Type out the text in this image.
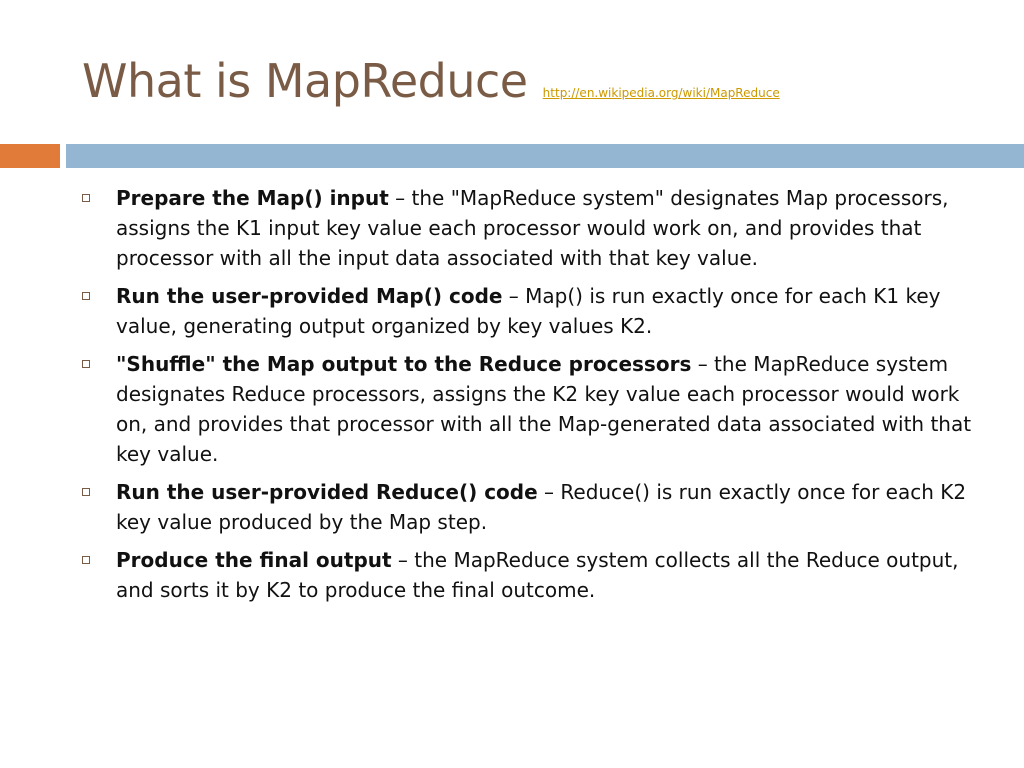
What is MapReduce http://en.wikipedia.org/wiki/MapReduce
Prepare the Map() input – the "MapReduce system" designates Map processors, assigns the K1 input key value each processor would work on, and provides that processor with all the input data associated with that key value.
Run the user-provided Map() code – Map() is run exactly once for each K1 key value, generating output organized by key values K2.
"Shuffle" the Map output to the Reduce processors – the MapReduce system designates Reduce processors, assigns the K2 key value each processor would work on, and provides that processor with all the Map-generated data associated with that key value.
Run the user-provided Reduce() code – Reduce() is run exactly once for each K2 key value produced by the Map step.
Produce the final output – the MapReduce system collects all the Reduce output, and sorts it by K2 to produce the final outcome.
